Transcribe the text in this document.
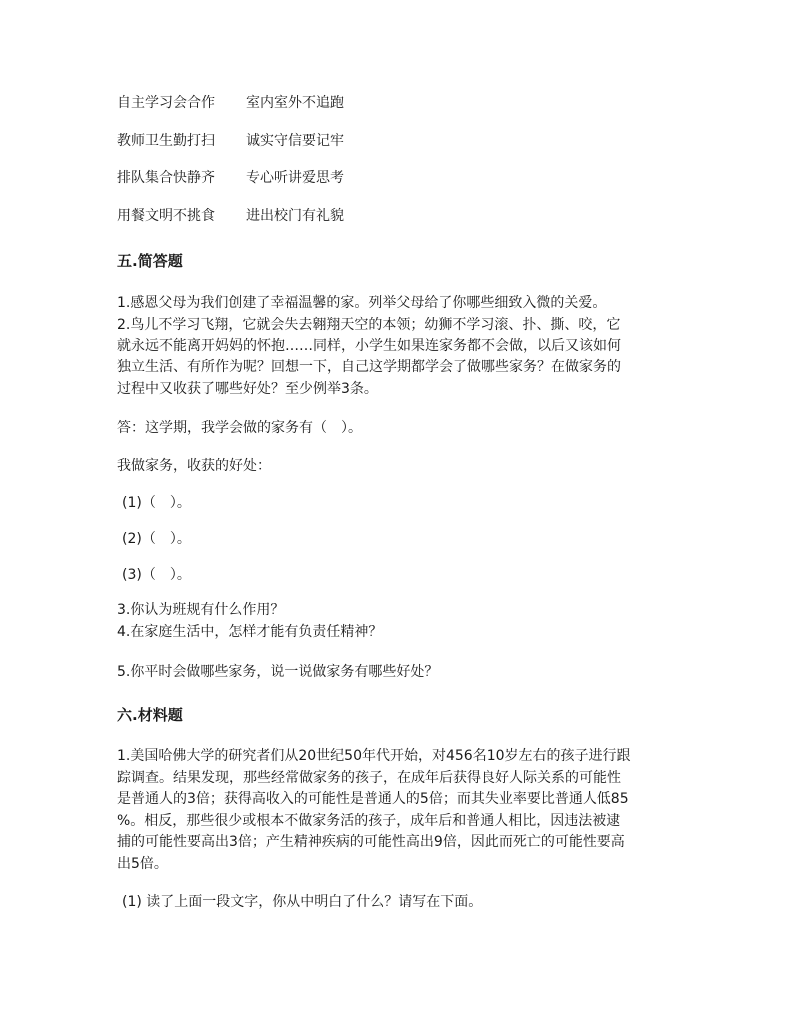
自主学习会合作 室内室外不追跑
教师卫生勤打扫 诚实守信要记牢
排队集合快静齐 专心听讲爱思考
用餐文明不挑食 进出校门有礼貌
五.简答题
1.感恩父母为我们创建了幸福温馨的家。列举父母给了你哪些细致入微的关爱。
2.鸟儿不学习飞翔，它就会失去翱翔天空的本领；幼狮不学习滚、扑、撕、咬，它
就永远不能离开妈妈的怀抱……同样，小学生如果连家务都不会做，以后又该如何
独立生活、有所作为呢？回想一下，自己这学期都学会了做哪些家务？在做家务的
过程中又收获了哪些好处？至少例举3条。
答：这学期，我学会做的家务有（　）。
我做家务，收获的好处：
(1)（　）。
(2)（　）。
(3)（　）。
3.你认为班规有什么作用？
4.在家庭生活中，怎样才能有负责任精神？
5.你平时会做哪些家务，说一说做家务有哪些好处？
六.材料题
1.美国哈佛大学的研究者们从20世纪50年代开始，对456名10岁左右的孩子进行跟
踪调查。结果发现，那些经常做家务的孩子，在成年后获得良好人际关系的可能性
是普通人的3倍；获得高收入的可能性是普通人的5倍；而其失业率要比普通人低85
%。相反，那些很少或根本不做家务活的孩子，成年后和普通人相比，因违法被逮
捕的可能性要高出3倍；产生精神疾病的可能性高出9倍，因此而死亡的可能性要高
出5倍。
(1) 读了上面一段文字，你从中明白了什么？请写在下面。
